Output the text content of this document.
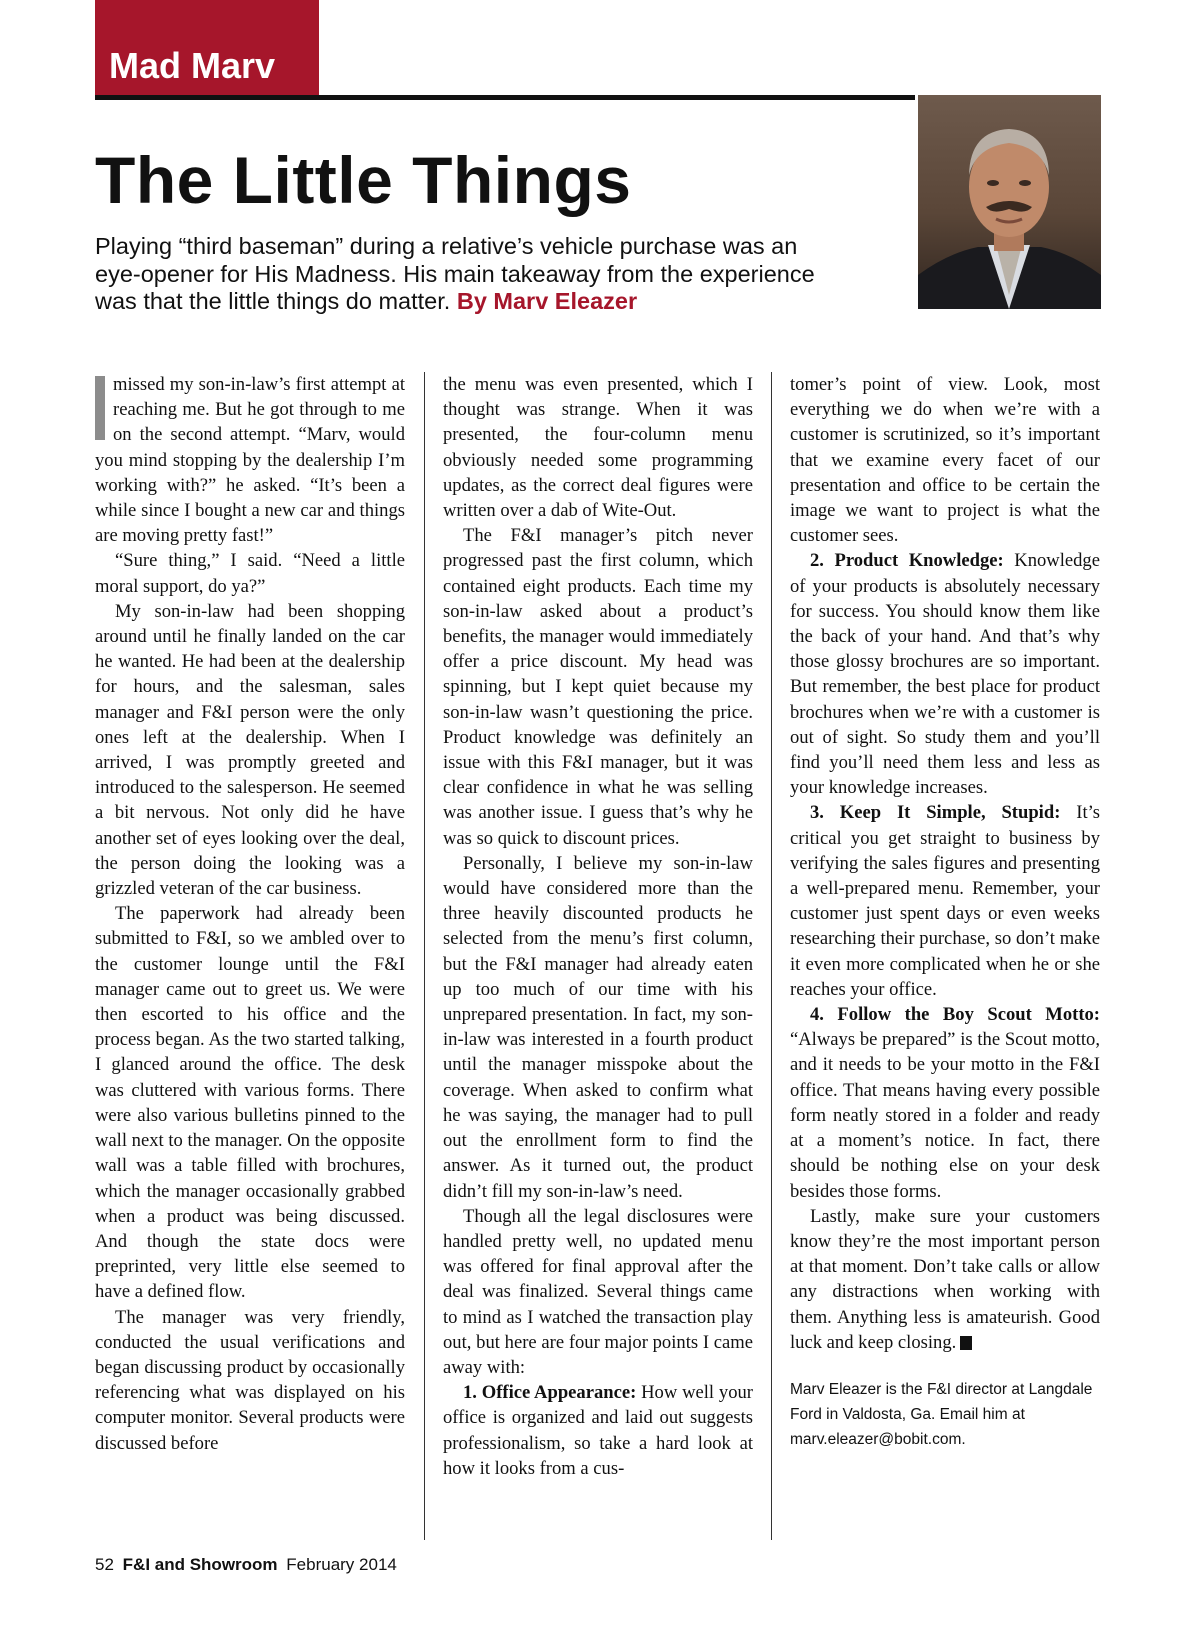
Mad Marv
The Little Things

Playing “third baseman” during a relative’s vehicle purchase was an eye-opener for His Madness. His main takeaway from the experience was that the little things do matter. By Marv Eleazer

missed my son-in-law’s first attempt at reaching me. But he got through to me on the second attempt. “Marv, would you mind stopping by the dealership I’m working with?” he asked. “It’s been a while since I bought a new car and things are moving pretty fast!”

“Sure thing,” I said. “Need a little moral support, do ya?”

My son-in-law had been shopping around until he finally landed on the car he wanted. He had been at the dealership for hours, and the salesman, sales manager and F&I person were the only ones left at the dealership. When I arrived, I was promptly greeted and introduced to the salesperson. He seemed a bit nervous. Not only did he have another set of eyes looking over the deal, the person doing the looking was a grizzled veteran of the car business.

The paperwork had already been submitted to F&I, so we ambled over to the customer lounge until the F&I manager came out to greet us. We were then escorted to his office and the process began. As the two started talking, I glanced around the office. The desk was cluttered with various forms. There were also various bulletins pinned to the wall next to the manager. On the opposite wall was a table filled with brochures, which the manager occasionally grabbed when a product was being discussed. And though the state docs were preprinted, very little else seemed to have a defined flow.

The manager was very friendly, conducted the usual verifications and began discussing product by occasionally referencing what was displayed on his computer monitor. Several products were discussed before

the menu was even presented, which I thought was strange. When it was presented, the four-column menu obviously needed some programming updates, as the correct deal figures were written over a dab of Wite-Out.

The F&I manager’s pitch never progressed past the first column, which contained eight products. Each time my son-in-law asked about a product’s benefits, the manager would immediately offer a price discount. My head was spinning, but I kept quiet because my son-in-law wasn’t questioning the price. Product knowledge was definitely an issue with this F&I manager, but it was clear confidence in what he was selling was another issue. I guess that’s why he was so quick to discount prices.

Personally, I believe my son-in-law would have considered more than the three heavily discounted products he selected from the menu’s first column, but the F&I manager had already eaten up too much of our time with his unprepared presentation. In fact, my son-in-law was interested in a fourth product until the manager misspoke about the coverage. When asked to confirm what he was saying, the manager had to pull out the enrollment form to find the answer. As it turned out, the product didn’t fill my son-in-law’s need.

Though all the legal disclosures were handled pretty well, no updated menu was offered for final approval after the deal was finalized. Several things came to mind as I watched the transaction play out, but here are four major points I came away with:

1. Office Appearance: How well your office is organized and laid out suggests professionalism, so take a hard look at how it looks from a cus-

tomer’s point of view. Look, most everything we do when we’re with a customer is scrutinized, so it’s important that we examine every facet of our presentation and office to be certain the image we want to project is what the customer sees.

2. Product Knowledge: Knowledge of your products is absolutely necessary for success. You should know them like the back of your hand. And that’s why those glossy brochures are so important. But remember, the best place for product brochures when we’re with a customer is out of sight. So study them and you’ll find you’ll need them less and less as your knowledge increases.

3. Keep It Simple, Stupid: It’s critical you get straight to business by verifying the sales figures and presenting a well-prepared menu. Remember, your customer just spent days or even weeks researching their purchase, so don’t make it even more complicated when he or she reaches your office.

4. Follow the Boy Scout Motto: “Always be prepared” is the Scout motto, and it needs to be your motto in the F&I office. That means having every possible form neatly stored in a folder and ready at a moment’s notice. In fact, there should be nothing else on your desk besides those forms.

Lastly, make sure your customers know they’re the most important person at that moment. Don’t take calls or allow any distractions when working with them. Anything less is amateurish. Good luck and keep closing.

Marv Eleazer is the F&I director at Langdale Ford in Valdosta, Ga. Email him at marv.eleazer@bobit.com.

52 F&I and Showroom February 2014
